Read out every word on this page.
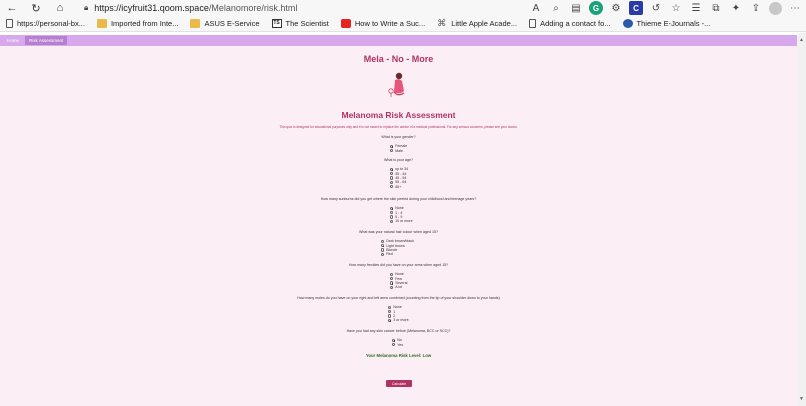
←	↻	⌂	🔒︎ https://icyfruit31.qoom.space /Melanomore/risk.html	A	⌕	▤	G	⚙	C	↺ ☆ ☰	⧉	✦ ⇪	⋯
https://personal-bx...	Imported from Inte...	ASUS E-Service	TS The Scientist	How to Write a Suc... ⌘ Little Apple Acade...	Adding a contact fo...	Thieme E-Journals -...
Home	Risk Assessment	▲
▼
Mela - No - More
Melanoma Risk Assessment
This quiz is designed for educational purposes only and it is not meant to replace the advice of a medical professional. For any serious concerns, please see your doctor.
What is your gender?
Female
Male
What is your age?
up to 34
35 - 44
45 - 54
55 - 64
65+
How many sunburns did you get where the skin peeled during your childhood and teenage years?
None
1 - 4
5 - 9
10 or more
What was your natural hair colour when aged 15?
Dark brown/black
Light brown
Blonde
Red
How many freckles did you have on your arms when aged 15?
None
Few
Several
A lot
How many moles do you have on your right and left arms combined (counting from the tip of your shoulder down to your hands)
None
1
2
3 or more
Have you had any skin cancer before (Melanoma, BCC or SCC)?
No
Yes
Your Melanoma Risk Level: Low
Calculate
